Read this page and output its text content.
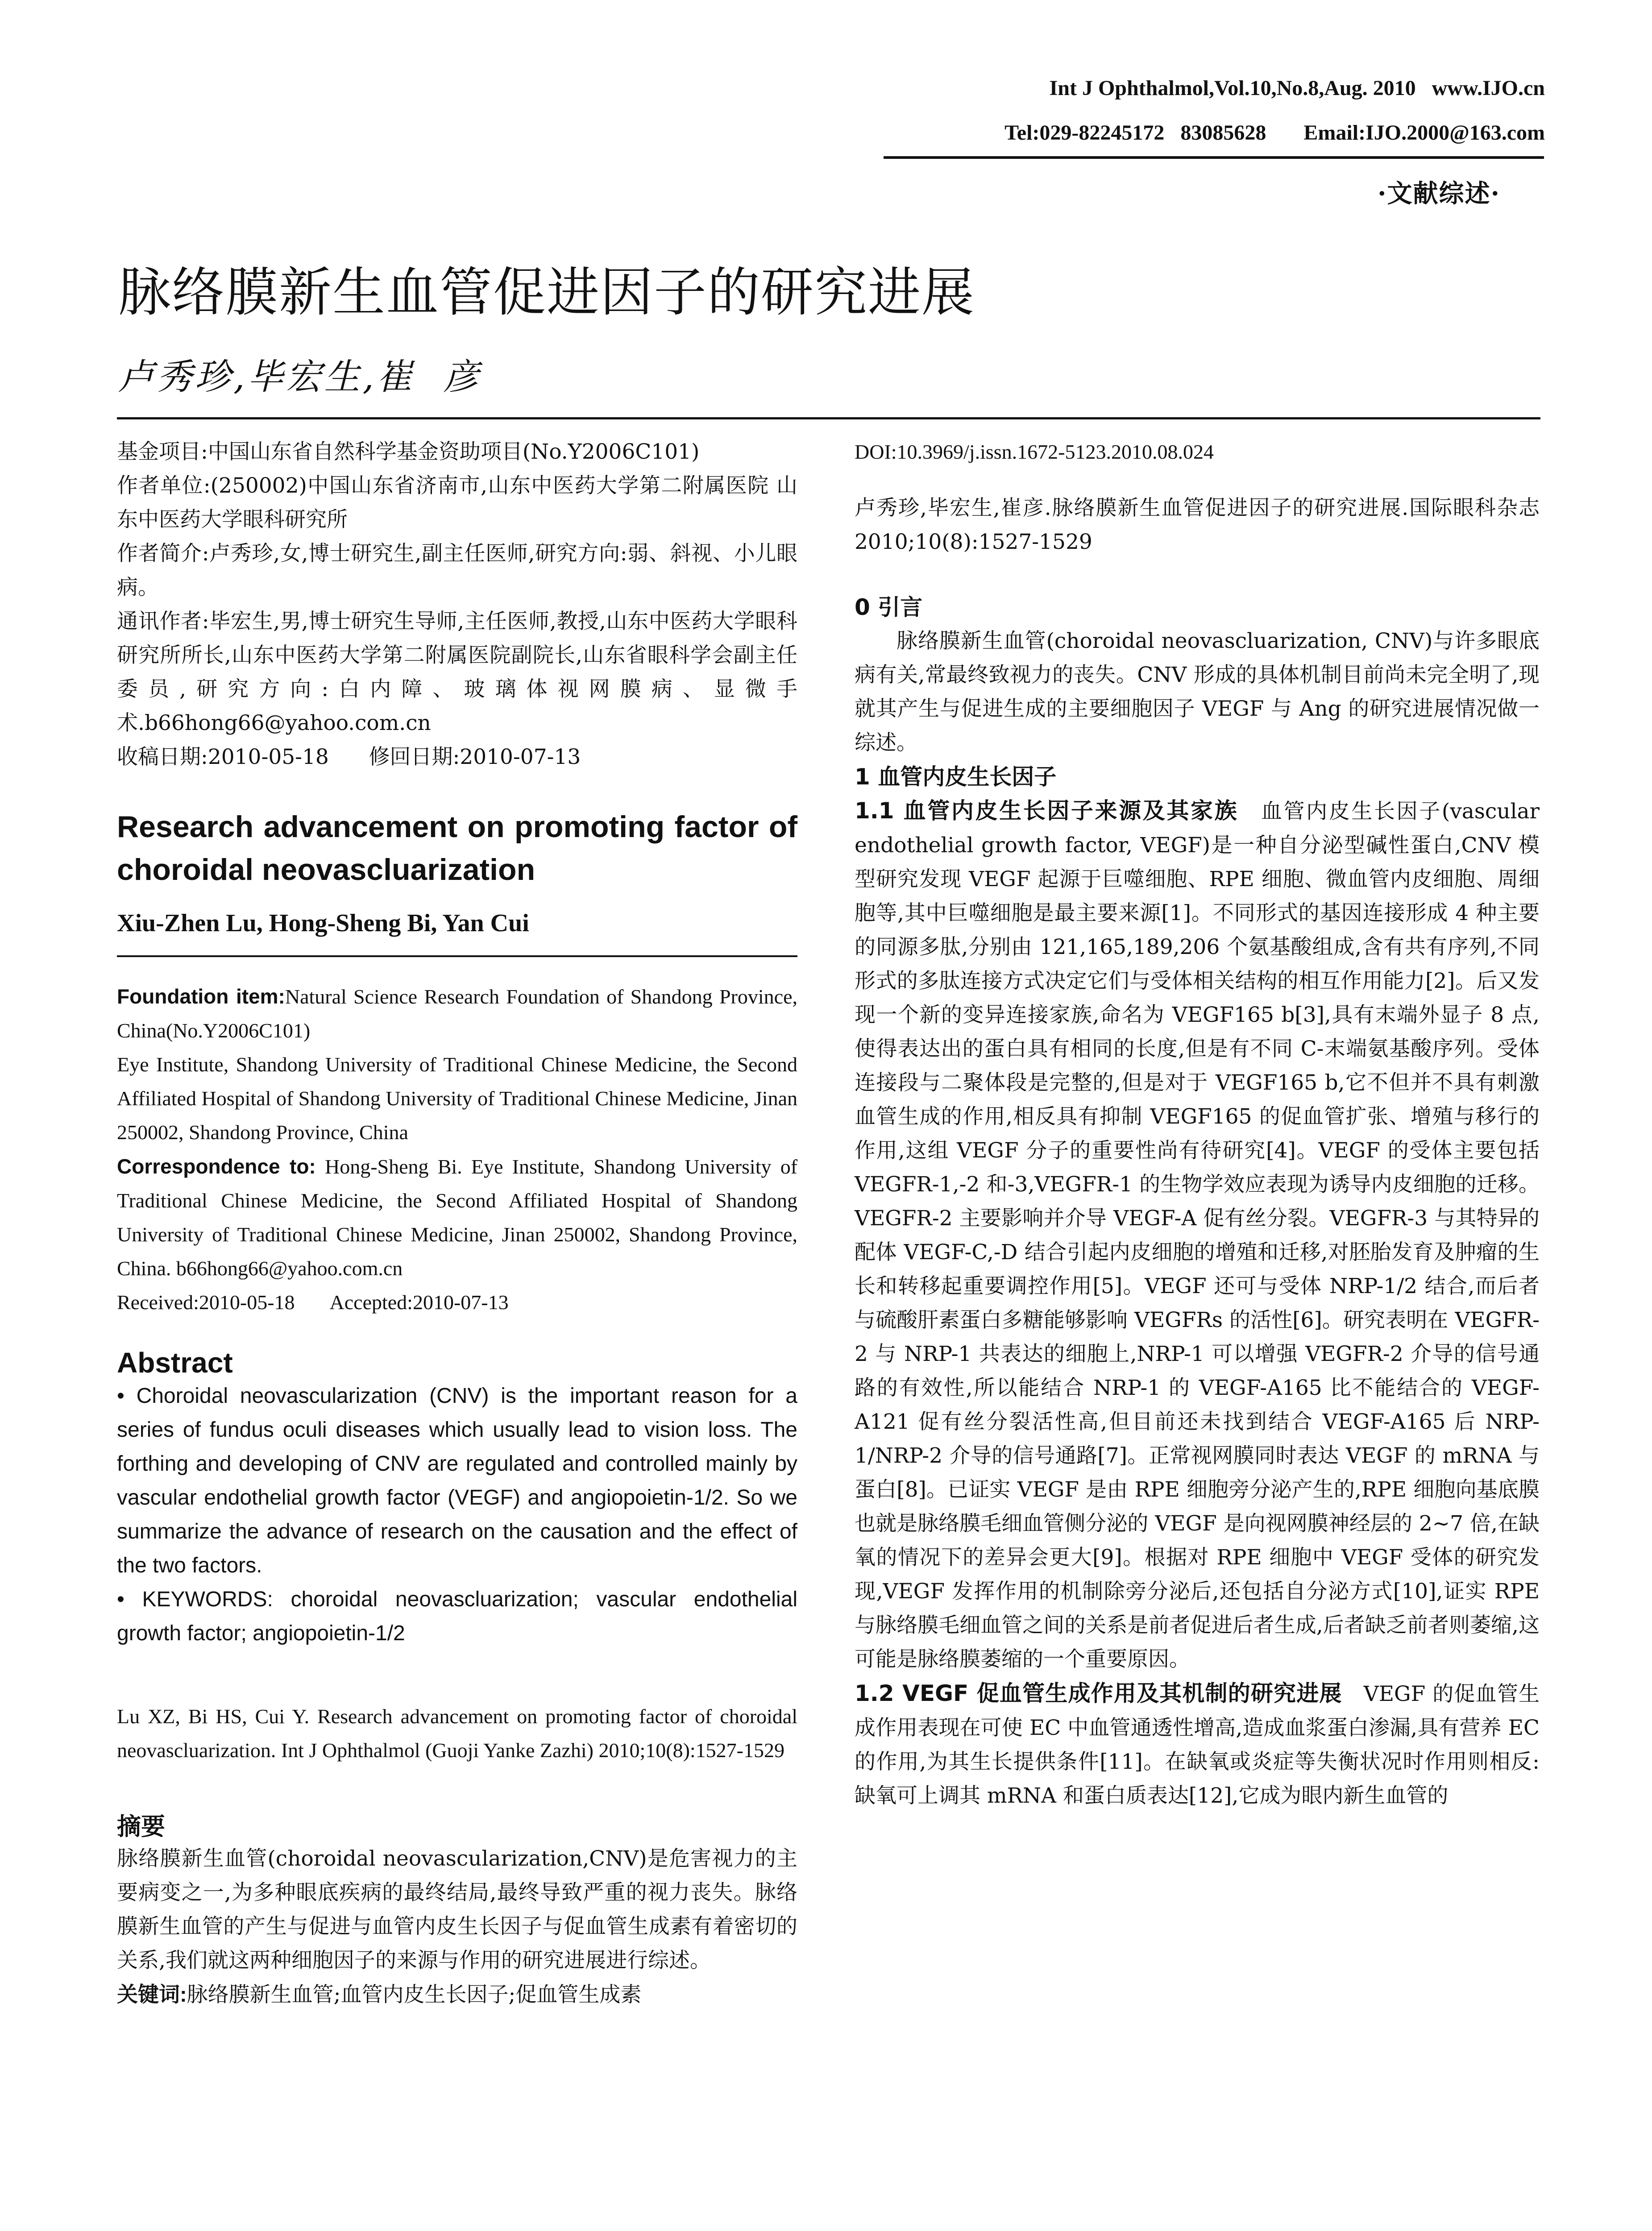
Int J Ophthalmol,Vol.10,No.8,Aug. 2010   www.IJO.cn
Tel:029-82245172   83085628       Email:IJO.2000@163.com
·文献综述·
脉络膜新生血管促进因子的研究进展
卢秀珍,毕宏生,崔  彦

基金项目:中国山东省自然科学基金资助项目(No.Y2006C101)

作者单位:(250002)中国山东省济南市,山东中医药大学第二附属医院 山东中医药大学眼科研究所

作者简介:卢秀珍,女,博士研究生,副主任医师,研究方向:弱、斜视、小儿眼病。

通讯作者:毕宏生,男,博士研究生导师,主任医师,教授,山东中医药大学眼科研究所所长,山东中医药大学第二附属医院副院长,山东省眼科学会副主任委员,研究方向:白内障、玻璃体视网膜病、显微手术.b66hong66@yahoo.com.cn

收稿日期:2010-05-18      修回日期:2010-07-13

Research advancement on promoting factor of choroidal neovascluarization
Xiu-Zhen Lu, Hong-Sheng Bi, Yan Cui

Foundation item:Natural Science Research Foundation of Shandong Province, China(No.Y2006C101)

Eye Institute, Shandong University of Traditional Chinese Medicine, the Second Affiliated Hospital of Shandong University of Traditional Chinese Medicine, Jinan 250002, Shandong Province, China

Correspondence to: Hong-Sheng Bi. Eye Institute, Shandong University of Traditional Chinese Medicine, the Second Affiliated Hospital of Shandong University of Traditional Chinese Medicine, Jinan 250002, Shandong Province, China. b66hong66@yahoo.com.cn

Received:2010-05-18       Accepted:2010-07-13

Abstract

• Choroidal neovascularization (CNV) is the important reason for a series of fundus oculi diseases which usually lead to vision loss. The forthing and developing of CNV are regulated and controlled mainly by vascular endothelial growth factor (VEGF) and angiopoietin-1/2. So we summarize the advance of research on the causation and the effect of the two factors.

• KEYWORDS: choroidal neovascluarization; vascular endothelial growth factor; angiopoietin-1/2

Lu XZ, Bi HS, Cui Y. Research advancement on promoting factor of choroidal neovascluarization. Int J Ophthalmol (Guoji Yanke Zazhi) 2010;10(8):1527-1529

摘要

脉络膜新生血管(choroidal neovascularization,CNV)是危害视力的主要病变之一,为多种眼底疾病的最终结局,最终导致严重的视力丧失。脉络膜新生血管的产生与促进与血管内皮生长因子与促血管生成素有着密切的关系,我们就这两种细胞因子的来源与作用的研究进展进行综述。

关键词:脉络膜新生血管;血管内皮生长因子;促血管生成素

DOI:10.3969/j.issn.1672-5123.2010.08.024

卢秀珍,毕宏生,崔彦.脉络膜新生血管促进因子的研究进展.国际眼科杂志 2010;10(8):1527-1529

0 引言

脉络膜新生血管(choroidal neovascluarization, CNV)与许多眼底病有关,常最终致视力的丧失。CNV 形成的具体机制目前尚未完全明了,现就其产生与促进生成的主要细胞因子 VEGF 与 Ang 的研究进展情况做一综述。

1 血管内皮生长因子

1.1 血管内皮生长因子来源及其家族　 血管内皮生长因子(vascular endothelial growth factor, VEGF)是一种自分泌型碱性蛋白,CNV 模型研究发现 VEGF 起源于巨噬细胞、RPE 细胞、微血管内皮细胞、周细胞等,其中巨噬细胞是最主要来源[1]。不同形式的基因连接形成 4 种主要的同源多肽,分别由 121,165,189,206 个氨基酸组成,含有共有序列,不同形式的多肽连接方式决定它们与受体相关结构的相互作用能力[2]。后又发现一个新的变异连接家族,命名为 VEGF165 b[3],具有末端外显子 8 点,使得表达出的蛋白具有相同的长度,但是有不同 C-末端氨基酸序列。受体连接段与二聚体段是完整的,但是对于 VEGF165 b,它不但并不具有刺激血管生成的作用,相反具有抑制 VEGF165 的促血管扩张、增殖与移行的作用,这组 VEGF 分子的重要性尚有待研究[4]。VEGF 的受体主要包括 VEGFR-1,-2 和-3,VEGFR-1 的生物学效应表现为诱导内皮细胞的迁移。VEGFR-2 主要影响并介导 VEGF-A 促有丝分裂。VEGFR-3 与其特异的配体 VEGF-C,-D 结合引起内皮细胞的增殖和迁移,对胚胎发育及肿瘤的生长和转移起重要调控作用[5]。VEGF 还可与受体 NRP-1/2 结合,而后者与硫酸肝素蛋白多糖能够影响 VEGFRs 的活性[6]。研究表明在 VEGFR-2 与 NRP-1 共表达的细胞上,NRP-1 可以增强 VEGFR-2 介导的信号通路的有效性,所以能结合 NRP-1 的 VEGF-A165 比不能结合的 VEGF-A121 促有丝分裂活性高,但目前还未找到结合 VEGF-A165 后 NRP-1/NRP-2 介导的信号通路[7]。正常视网膜同时表达 VEGF 的 mRNA 与蛋白[8]。已证实 VEGF 是由 RPE 细胞旁分泌产生的,RPE 细胞向基底膜也就是脉络膜毛细血管侧分泌的 VEGF 是向视网膜神经层的 2~7 倍,在缺氧的情况下的差异会更大[9]。根据对 RPE 细胞中 VEGF 受体的研究发现,VEGF 发挥作用的机制除旁分泌后,还包括自分泌方式[10],证实 RPE 与脉络膜毛细血管之间的关系是前者促进后者生成,后者缺乏前者则萎缩,这可能是脉络膜萎缩的一个重要原因。

1.2 VEGF 促血管生成作用及其机制的研究进展　 VEGF 的促血管生成作用表现在可使 EC 中血管通透性增高,造成血浆蛋白渗漏,具有营养 EC 的作用,为其生长提供条件[11]。在缺氧或炎症等失衡状况时作用则相反:缺氧可上调其 mRNA 和蛋白质表达[12],它成为眼内新生血管的
